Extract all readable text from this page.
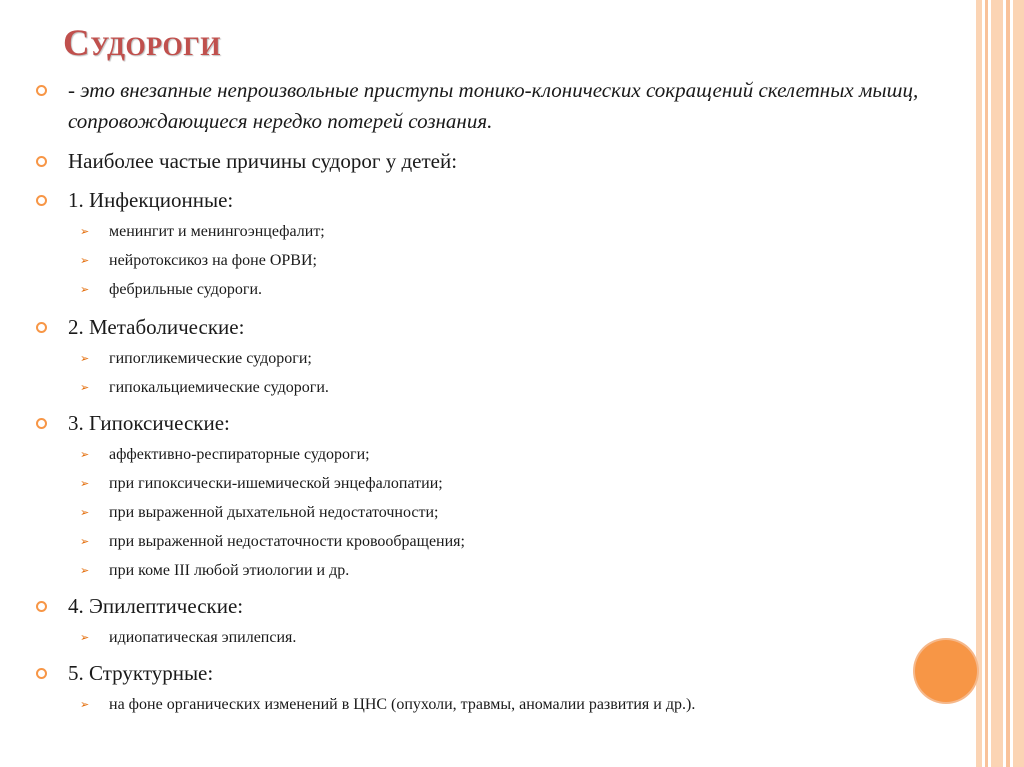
Судороги
- это внезапные непроизвольные приступы тонико-клонических сокращений скелетных мышц, сопровождающиеся нередко потерей сознания.
Наиболее частые причины судорог у детей:
1. Инфекционные:
➢ менингит и менингоэнцефалит;
➢ нейротоксикоз на фоне ОРВИ;
➢ фебрильные судороги.
2. Метаболические:
➢ гипогликемические судороги;
➢ гипокальциемические судороги.
3. Гипоксические:
➢ аффективно-респираторные судороги;
➢ при гипоксически-ишемической энцефалопатии;
➢ при выраженной дыхательной недостаточности;
➢ при выраженной недостаточности кровообращения;
➢ при коме III любой этиологии и др.
4. Эпилептические:
➢ идиопатическая эпилепсия.
5. Структурные:
➢ на фоне органических изменений в ЦНС (опухоли, травмы, аномалии развития и др.).
